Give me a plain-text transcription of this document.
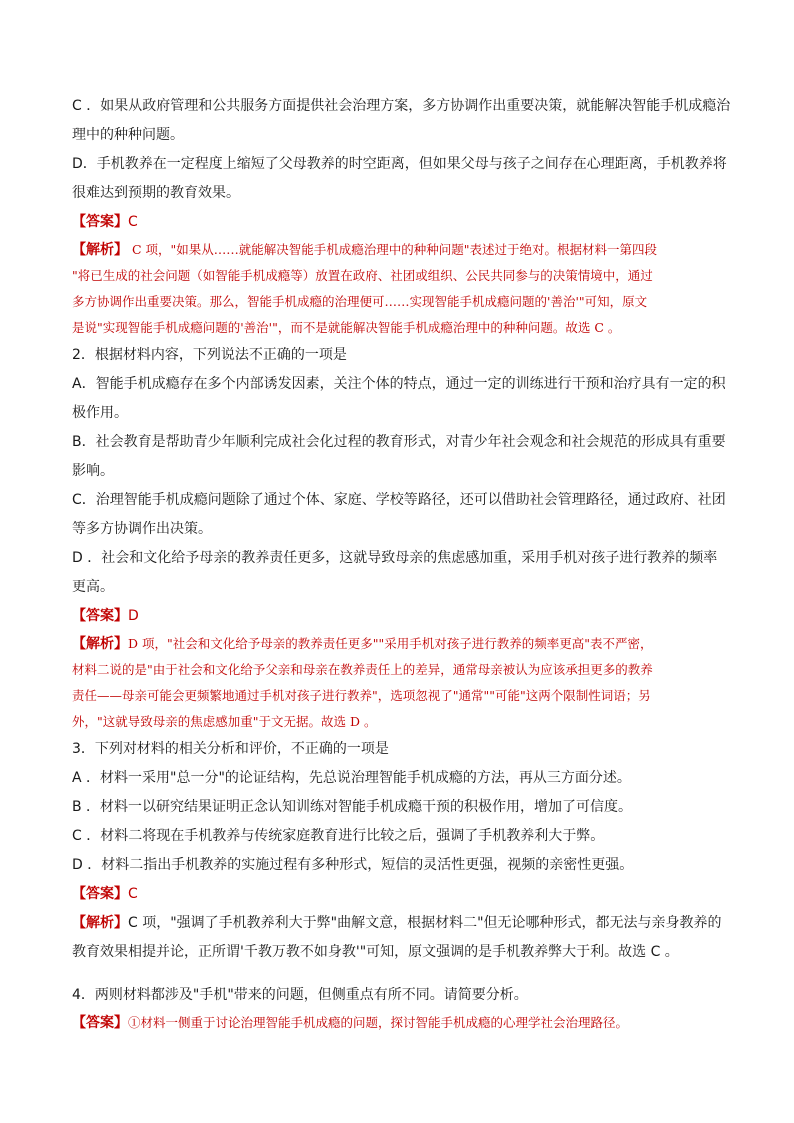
C ．如果从政府管理和公共服务方面提供社会治理方案，多方协调作出重要决策，就能解决智能手机成瘾治

理中的种种问题。

D．手机教养在一定程度上缩短了父母教养的时空距离，但如果父母与孩子之间存在心理距离，手机教养将

很难达到预期的教育效果。

【答案】C

【解析】 C 项，"如果从……就能解决智能手机成瘾治理中的种种问题"表述过于绝对。根据材料一第四段

"将已生成的社会问题（如智能手机成瘾等）放置在政府、社团或组织、公民共同参与的决策情境中，通过

多方协调作出重要决策。那么，智能手机成瘾的治理便可……实现智能手机成瘾问题的'善治'"可知，原文

是说"实现智能手机成瘾问题的'善治'"，而不是就能解决智能手机成瘾治理中的种种问题。故选 C 。

2．根据材料内容，下列说法不正确的一项是

A．智能手机成瘾存在多个内部诱发因素，关注个体的特点，通过一定的训练进行干预和治疗具有一定的积

极作用。

B．社会教育是帮助青少年顺利完成社会化过程的教育形式，对青少年社会观念和社会规范的形成具有重要

影响。

C．治理智能手机成瘾问题除了通过个体、家庭、学校等路径，还可以借助社会管理路径，通过政府、社团

等多方协调作出决策。

D ．社会和文化给予母亲的教养责任更多，这就导致母亲的焦虑感加重，采用手机对孩子进行教养的频率

更高。

【答案】D

【解析】D 项，"社会和文化给予母亲的教养责任更多""采用手机对孩子进行教养的频率更高"表不严密，

材料二说的是"由于社会和文化给予父亲和母亲在教养责任上的差异，通常母亲被认为应该承担更多的教养

责任——母亲可能会更频繁地通过手机对孩子进行教养"，选项忽视了"通常""可能"这两个限制性词语；另

外，"这就导致母亲的焦虑感加重"于文无据。故选 D 。

3．下列对材料的相关分析和评价，不正确的一项是

A ．材料一采用"总一分"的论证结构，先总说治理智能手机成瘾的方法，再从三方面分述。

B ．材料一以研究结果证明正念认知训练对智能手机成瘾干预的积极作用，增加了可信度。

C ．材料二将现在手机教养与传统家庭教育进行比较之后，强调了手机教养利大于弊。

D ．材料二指出手机教养的实施过程有多种形式，短信的灵活性更强，视频的亲密性更强。

【答案】C

【解析】C 项，"强调了手机教养利大于弊"曲解文意，根据材料二"但无论哪种形式，都无法与亲身教养的

教育效果相提并论，正所谓'千教万教不如身教'"可知，原文强调的是手机教养弊大于利。故选 C 。

4．两则材料都涉及"手机"带来的问题，但侧重点有所不同。请简要分析。

【答案】①材料一侧重于讨论治理智能手机成瘾的问题，探讨智能手机成瘾的心理学社会治理路径。
